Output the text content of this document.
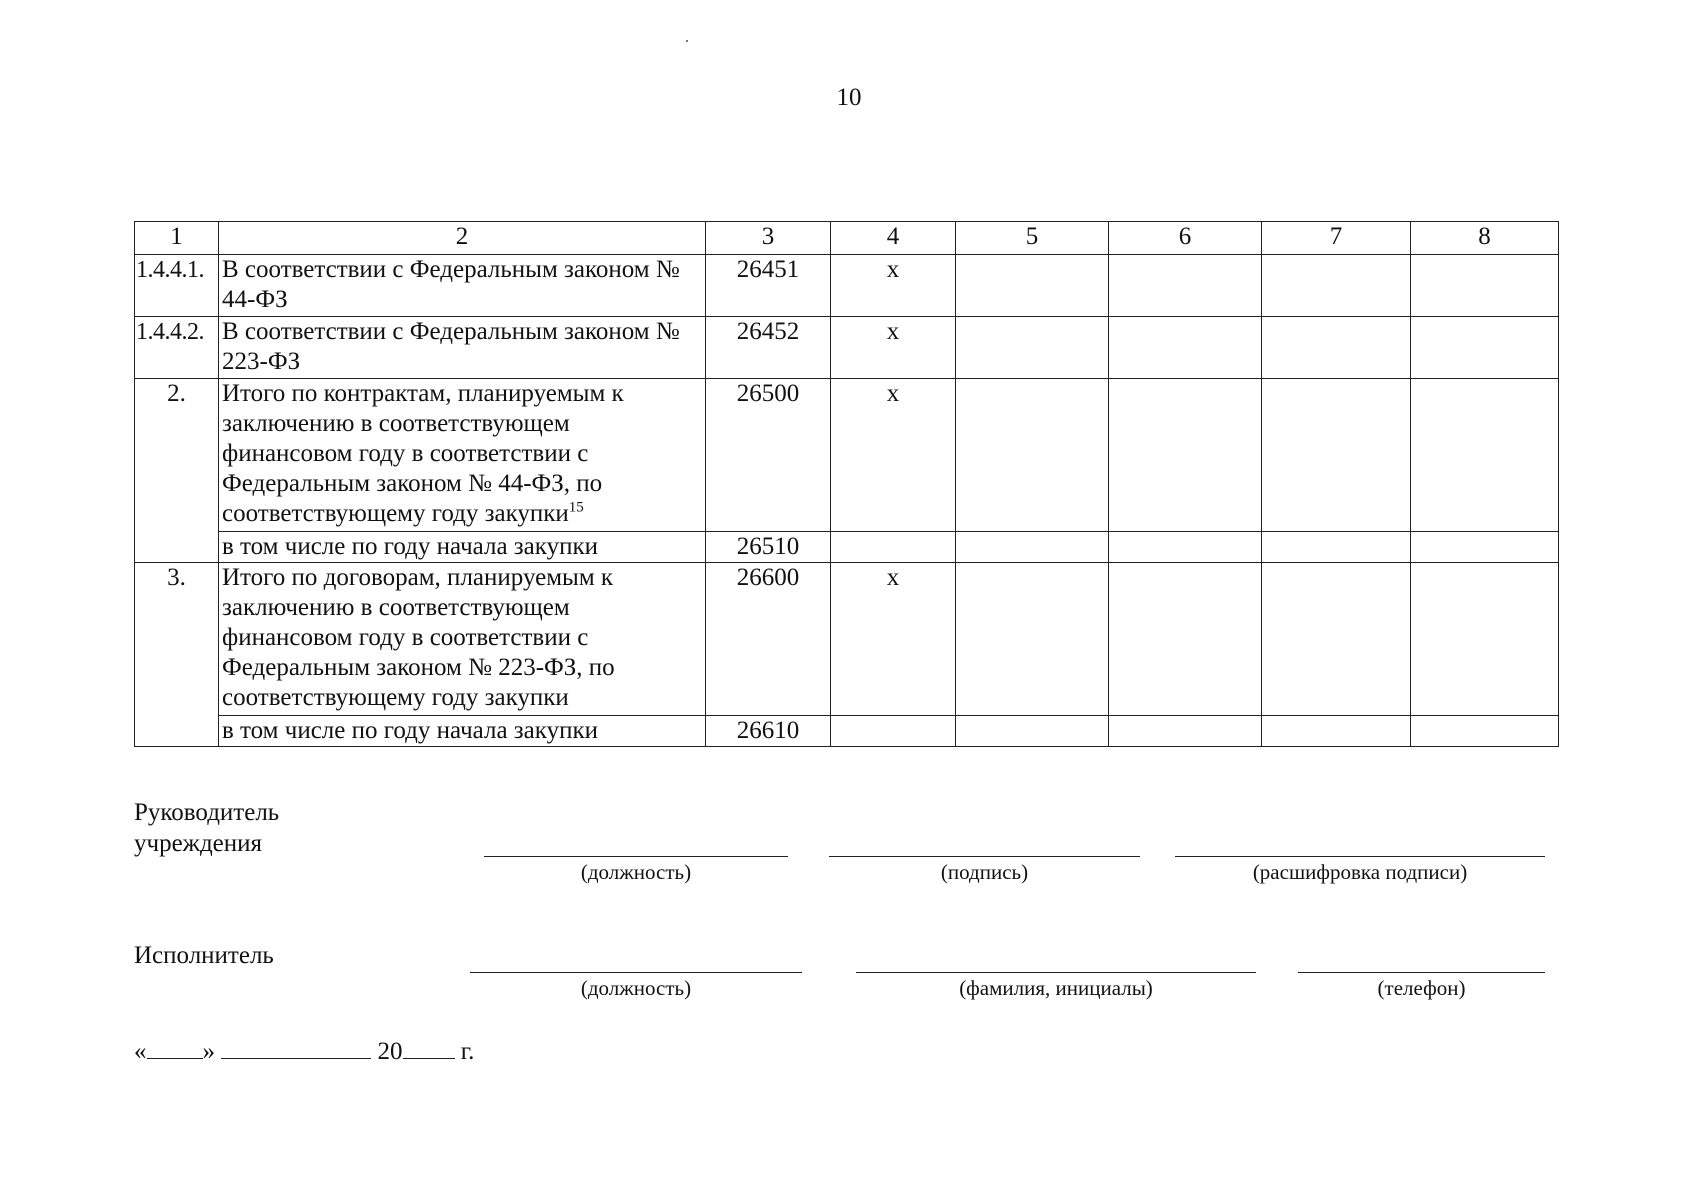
10
1	2	3	4	5	6	7	8
1.4.4.1.	В соответствии с Федеральным законом № 44-ФЗ	26451	х				
1.4.4.2.	В соответствии с Федеральным законом № 223-ФЗ	26452	х				
2.	Итого по контрактам, планируемым к заключению в соответствующем финансовом году в соответствии с Федеральным законом № 44-ФЗ, по соответствующему году закупки$^{15}$	26500	х				
	в том числе по году начала закупки	26510					
3.	Итого по договорам, планируемым к заключению в соответствующем финансовом году в соответствии с Федеральным законом № 223-ФЗ, по соответствующему году закупки	26600	х				
	в том числе по году начала закупки	26610					
Руководитель
учреждения
(должность)	(подпись)	(расшифровка подписи)
Исполнитель
(должность)	(фамилия, инициалы)	(телефон)
« »	20 г.
